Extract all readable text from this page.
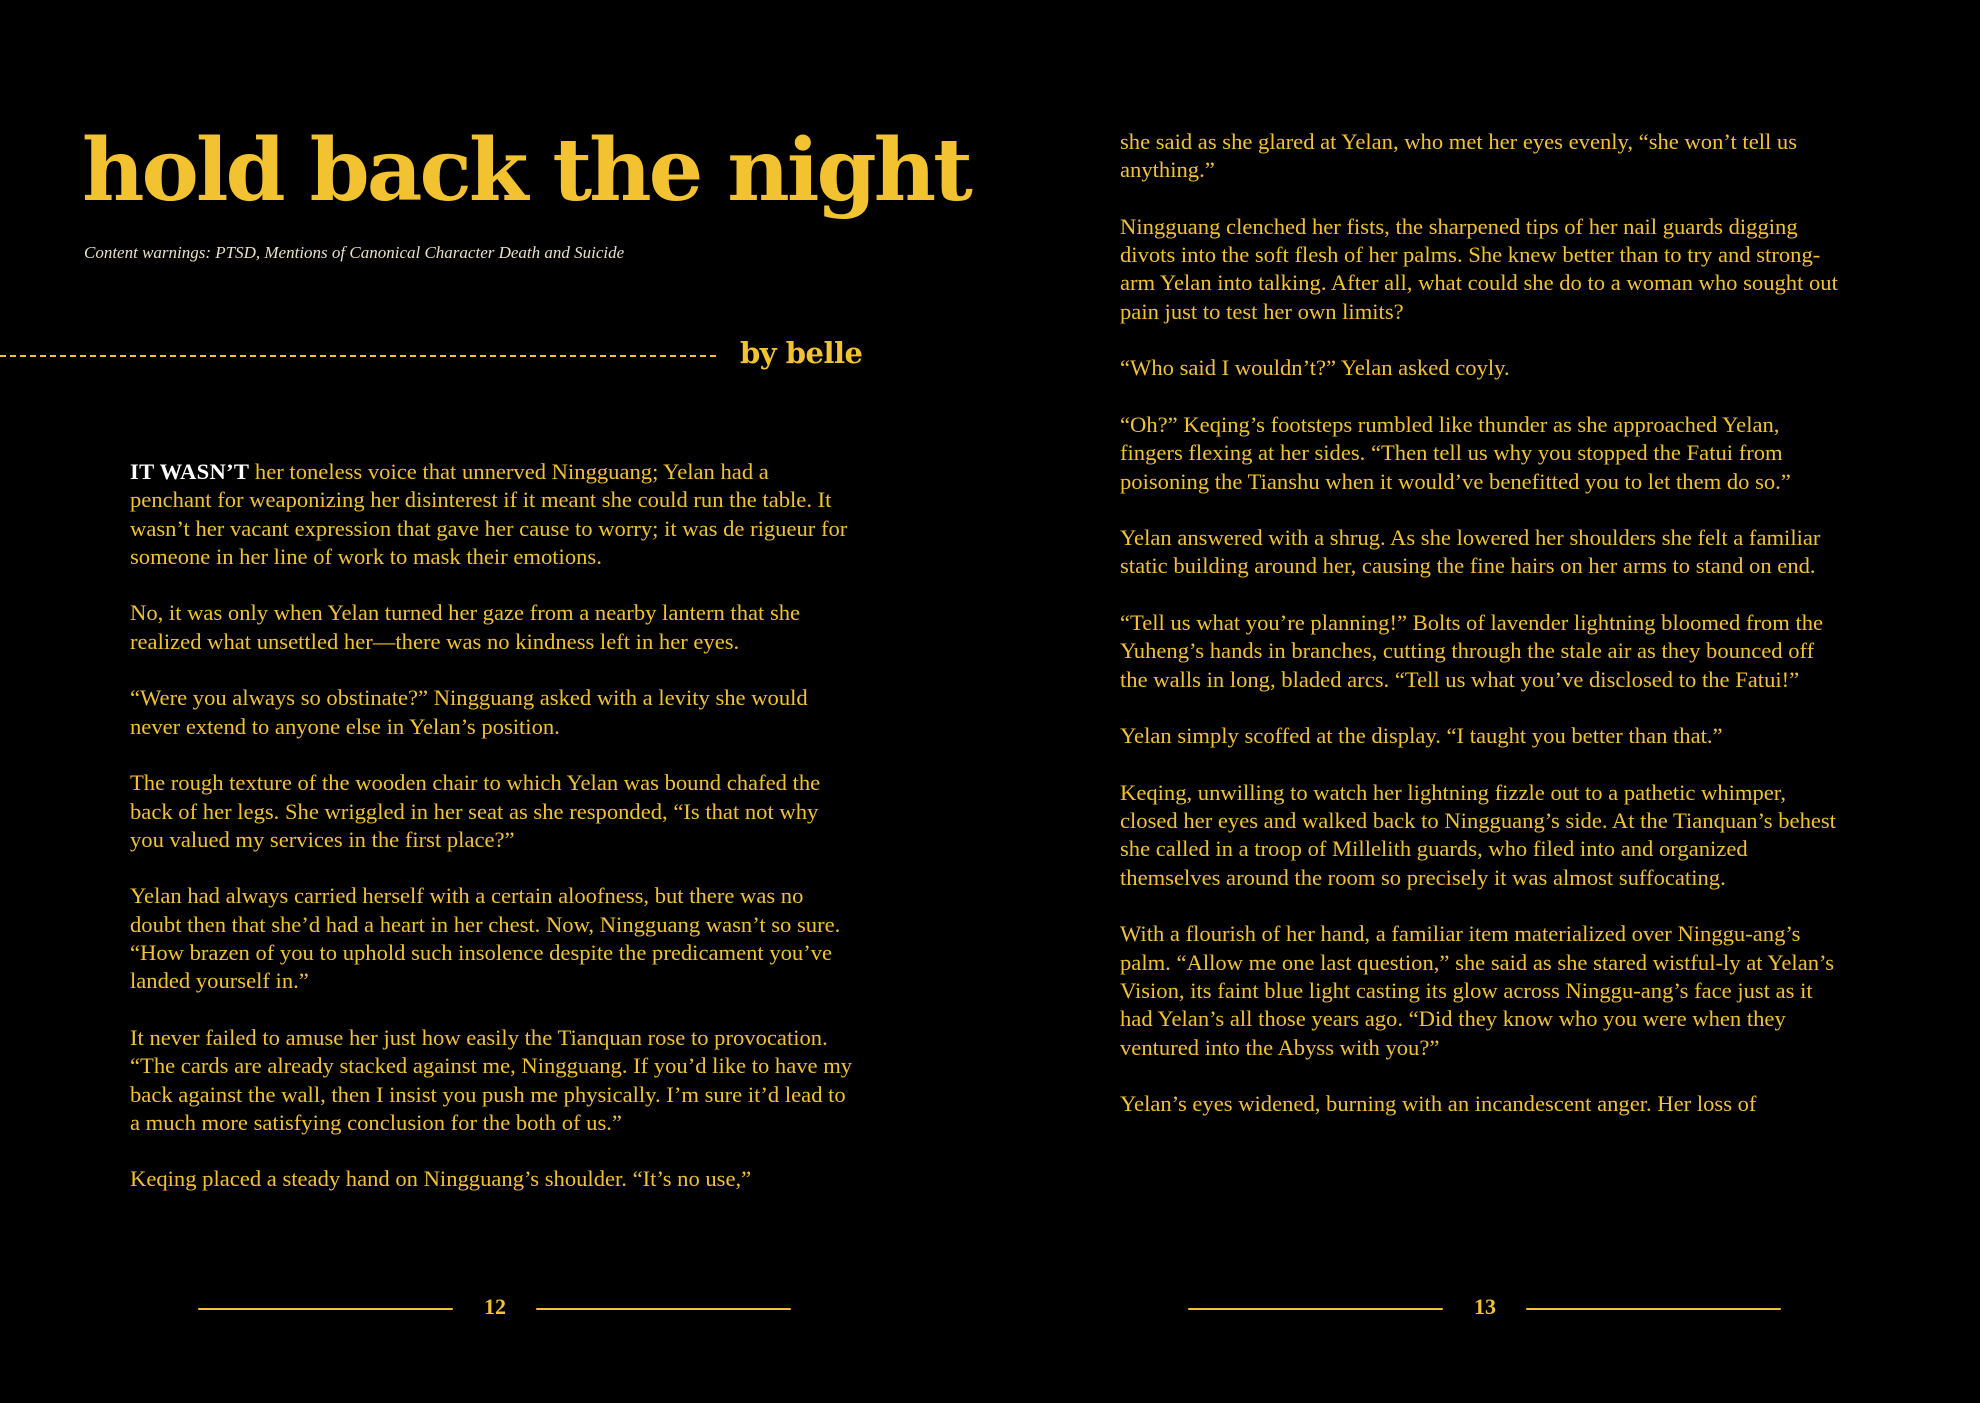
hold back the night
Content warnings: PTSD, Mentions of Canonical Character Death and Suicide
by belle

IT WASN’T her toneless voice that unnerved Ningguang; Yelan had a penchant for weaponizing her disinterest if it meant she could run the table. It wasn’t her vacant expression that gave her cause to worry; it was de rigueur for someone in her line of work to mask their emotions.

No, it was only when Yelan turned her gaze from a nearby lantern that she realized what unsettled her—there was no kindness left in her eyes.

“Were you always so obstinate?” Ningguang asked with a levity she would never extend to anyone else in Yelan’s position.

The rough texture of the wooden chair to which Yelan was bound chafed the back of her legs. She wriggled in her seat as she responded, “Is that not why you valued my services in the first place?”

Yelan had always carried herself with a certain aloofness, but there was no doubt then that she’d had a heart in her chest. Now, Ningguang wasn’t so sure. “How brazen of you to uphold such insolence despite the predicament you’ve landed yourself in.”

It never failed to amuse her just how easily the Tianquan rose to provocation. “The cards are already stacked against me, Ningguang. If you’d like to have my back against the wall, then I insist you push me physically. I’m sure it’d lead to a much more satisfying conclusion for the both of us.”

Keqing placed a steady hand on Ningguang’s shoulder. “It’s no use,”

12

she said as she glared at Yelan, who met her eyes evenly, “she won’t tell us anything.”

Ningguang clenched her fists, the sharpened tips of her nail guards digging divots into the soft flesh of her palms. She knew better than to try and strong-arm Yelan into talking. After all, what could she do to a woman who sought out pain just to test her own limits?

“Who said I wouldn’t?” Yelan asked coyly.

“Oh?” Keqing’s footsteps rumbled like thunder as she approached Yelan, fingers flexing at her sides. “Then tell us why you stopped the Fatui from poisoning the Tianshu when it would’ve benefitted you to let them do so.”

Yelan answered with a shrug. As she lowered her shoulders she felt a familiar static building around her, causing the fine hairs on her arms to stand on end.

“Tell us what you’re planning!” Bolts of lavender lightning bloomed from the Yuheng’s hands in branches, cutting through the stale air as they bounced off the walls in long, bladed arcs. “Tell us what you’ve disclosed to the Fatui!”

Yelan simply scoffed at the display. “I taught you better than that.”

Keqing, unwilling to watch her lightning fizzle out to a pathetic whimper, closed her eyes and walked back to Ningguang’s side. At the Tianquan’s behest she called in a troop of Millelith guards, who filed into and organized themselves around the room so precisely it was almost suffocating.

With a flourish of her hand, a familiar item materialized over Ninggu-ang’s palm. “Allow me one last question,” she said as she stared wistful-ly at Yelan’s Vision, its faint blue light casting its glow across Ninggu-ang’s face just as it had Yelan’s all those years ago. “Did they know who you were when they ventured into the Abyss with you?”

Yelan’s eyes widened, burning with an incandescent anger. Her loss of

13
